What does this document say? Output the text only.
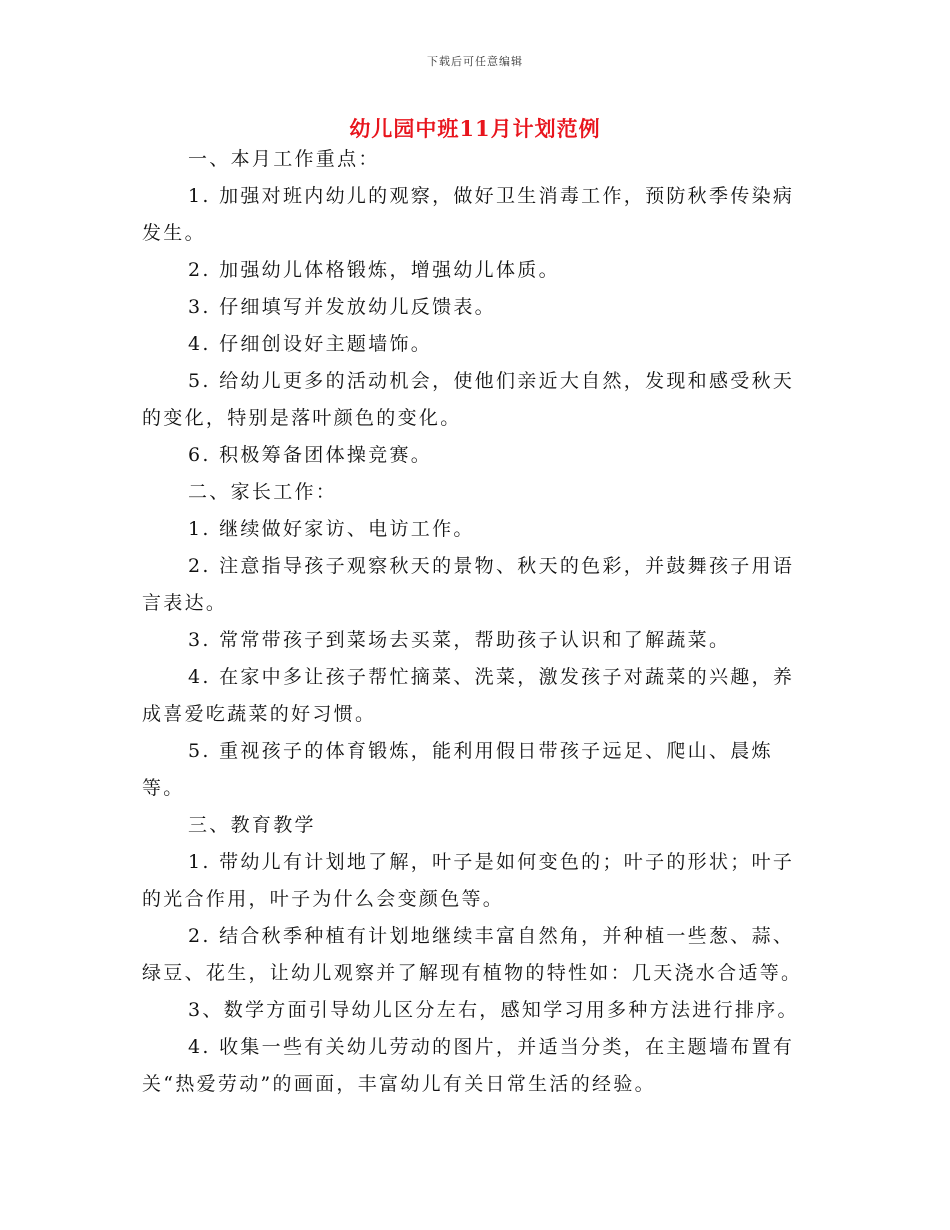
下载后可任意编辑
幼儿园中班11月计划范例

一、本月工作重点：

1. 加强对班内幼儿的观察，做好卫生消毒工作，预防秋季传染病发生。

2. 加强幼儿体格锻炼，增强幼儿体质。

3. 仔细填写并发放幼儿反馈表。

4. 仔细创设好主题墙饰。

5. 给幼儿更多的活动机会，使他们亲近大自然，发现和感受秋天的变化，特别是落叶颜色的变化。

6. 积极筹备团体操竞赛。

二、家长工作：

1. 继续做好家访、电访工作。

2. 注意指导孩子观察秋天的景物、秋天的色彩，并鼓舞孩子用语言表达。

3. 常常带孩子到菜场去买菜，帮助孩子认识和了解蔬菜。

4. 在家中多让孩子帮忙摘菜、洗菜，激发孩子对蔬菜的兴趣，养成喜爱吃蔬菜的好习惯。

5. 重视孩子的体育锻炼，能利用假日带孩子远足、爬山、晨炼等。

三、教育教学

1. 带幼儿有计划地了解，叶子是如何变色的；叶子的形状；叶子的光合作用，叶子为什么会变颜色等。

2. 结合秋季种植有计划地继续丰富自然角，并种植一些葱、蒜、绿豆、花生，让幼儿观察并了解现有植物的特性如：几天浇水合适等。

3、数学方面引导幼儿区分左右，感知学习用多种方法进行排序。

4. 收集一些有关幼儿劳动的图片，并适当分类，在主题墙布置有关“热爱劳动”的画面，丰富幼儿有关日常生活的经验。
